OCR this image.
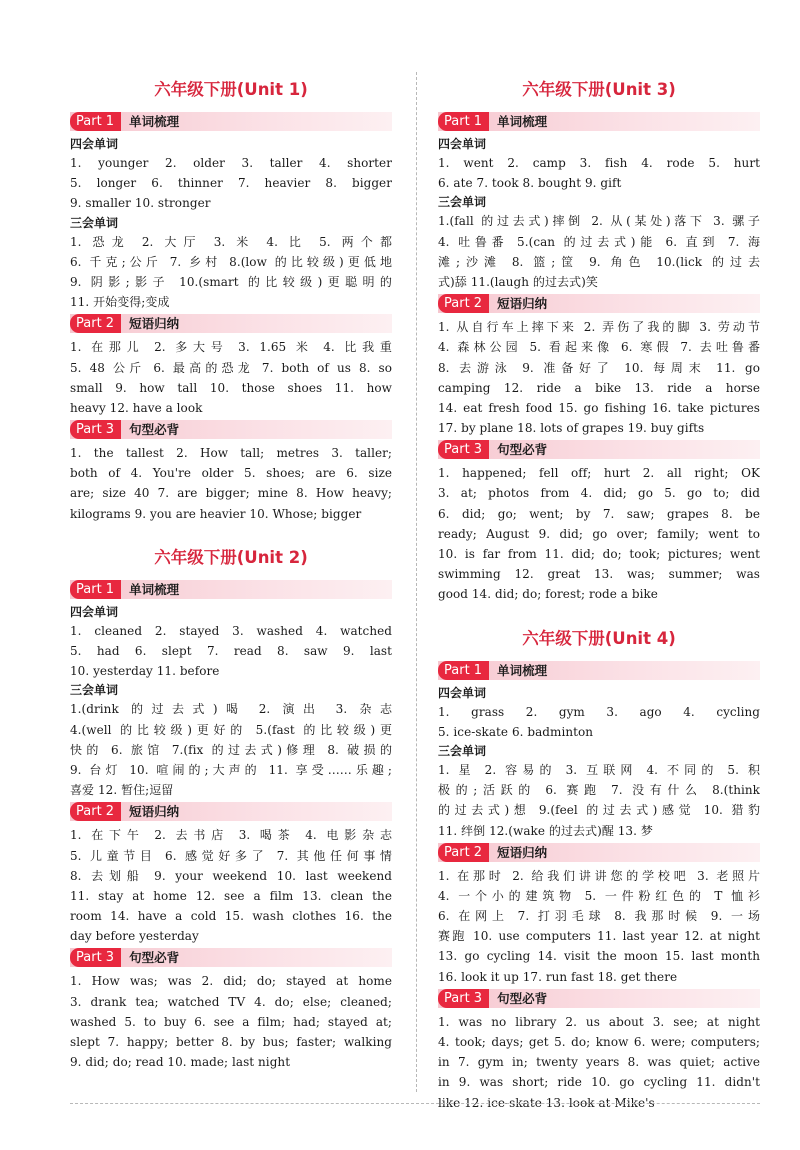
六年级下册(Unit 1)
Part 1	单词梳理
四会单词
1. younger 2. older 3. taller 4. shorter
5. longer 6. thinner 7. heavier 8. bigger
9. smaller 10. stronger
三会单词
1. 恐龙 2. 大厅 3. 米 4. 比 5. 两个都
6. 千克;公斤 7. 乡村 8.(low 的比较级)更低地
9. 阴影;影子 10.(smart 的比较级)更聪明的
11. 开始变得;变成
Part 2	短语归纳
1. 在那儿 2. 多大号 3. 1.65 米 4. 比我重
5. 48 公斤 6. 最高的恐龙 7. both of us 8. so
small 9. how tall 10. those shoes 11. how
heavy 12. have a look
Part 3	句型必背
1. the tallest 2. How tall; metres 3. taller;
both of 4. You're older 5. shoes; are 6. size
are; size 40 7. are bigger; mine 8. How heavy;
kilograms 9. you are heavier 10. Whose; bigger
六年级下册(Unit 2)
Part 1	单词梳理
四会单词
1. cleaned 2. stayed 3. washed 4. watched
5. had 6. slept 7. read 8. saw 9. last
10. yesterday 11. before
三会单词
1.(drink 的过去式)喝 2. 演出 3. 杂志
4.(well 的比较级)更好的 5.(fast 的比较级)更
快的 6. 旅馆 7.(fix 的过去式)修理 8. 破损的
9. 台灯 10. 喧闹的;大声的 11. 享受……乐趣;
喜爱 12. 暂住;逗留
Part 2	短语归纳
1. 在下午 2. 去书店 3. 喝茶 4. 电影杂志
5. 儿童节目 6. 感觉好多了 7. 其他任何事情
8. 去划船 9. your weekend 10. last weekend
11. stay at home 12. see a film 13. clean the
room 14. have a cold 15. wash clothes 16. the
day before yesterday
Part 3	句型必背
1. How was; was 2. did; do; stayed at home
3. drank tea; watched TV 4. do; else; cleaned;
washed 5. to buy 6. see a film; had; stayed at;
slept 7. happy; better 8. by bus; faster; walking
9. did; do; read 10. made; last night
六年级下册(Unit 3)
Part 1	单词梳理
四会单词
1. went 2. camp 3. fish 4. rode 5. hurt
6. ate 7. took 8. bought 9. gift
三会单词
1.(fall 的过去式)摔倒 2. 从(某处)落下 3. 骡子
4. 吐鲁番 5.(can 的过去式)能 6. 直到 7. 海
滩;沙滩 8. 篮;筐 9. 角色 10.(lick 的过去
式)舔 11.(laugh 的过去式)笑
Part 2	短语归纳
1. 从自行车上摔下来 2. 弄伤了我的脚 3. 劳动节
4. 森林公园 5. 看起来像 6. 寒假 7. 去吐鲁番
8. 去游泳 9. 准备好了 10. 每周末 11. go
camping 12. ride a bike 13. ride a horse
14. eat fresh food 15. go fishing 16. take pictures
17. by plane 18. lots of grapes 19. buy gifts
Part 3	句型必背
1. happened; fell off; hurt 2. all right; OK
3. at; photos from 4. did; go 5. go to; did
6. did; go; went; by 7. saw; grapes 8. be
ready; August 9. did; go over; family; went to
10. is far from 11. did; do; took; pictures; went
swimming 12. great 13. was; summer; was
good 14. did; do; forest; rode a bike
六年级下册(Unit 4)
Part 1	单词梳理
四会单词
1. grass 2. gym 3. ago 4. cycling
5. ice-skate 6. badminton
三会单词
1. 星 2. 容易的 3. 互联网 4. 不同的 5. 积
极的;活跃的 6. 赛跑 7. 没有什么 8.(think
的过去式)想 9.(feel 的过去式)感觉 10. 猎豹
11. 绊倒 12.(wake 的过去式)醒 13. 梦
Part 2	短语归纳
1. 在那时 2. 给我们讲讲您的学校吧 3. 老照片
4. 一个小的建筑物 5. 一件粉红色的 T 恤衫
6. 在网上 7. 打羽毛球 8. 我那时候 9. 一场
赛跑 10. use computers 11. last year 12. at night
13. go cycling 14. visit the moon 15. last month
16. look it up 17. run fast 18. get there
Part 3	句型必背
1. was no library 2. us about 3. see; at night
4. took; days; get 5. do; know 6. were; computers;
in 7. gym in; twenty years 8. was quiet; active
in 9. was short; ride 10. go cycling 11. didn't
like 12. ice-skate 13. look at Mike's
